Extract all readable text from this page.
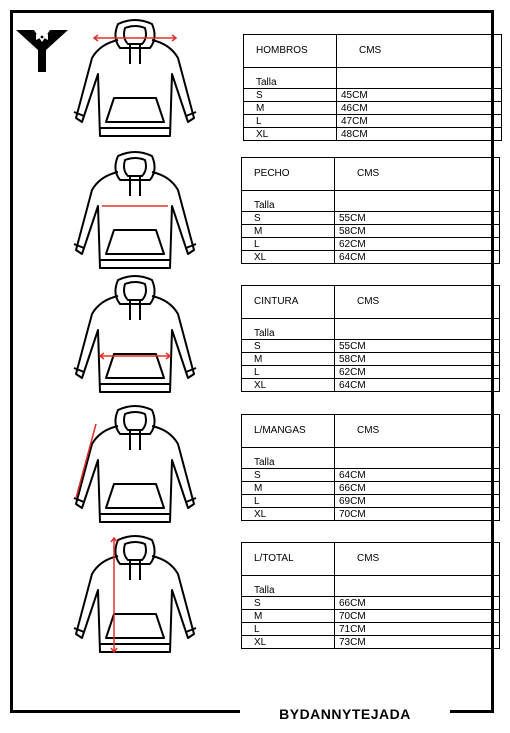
HOMBROS	CMS
Talla	
S	45CM
M	46CM
L	47CM
XL	48CM
PECHO	CMS
Talla	
S	55CM
M	58CM
L	62CM
XL	64CM
CINTURA	CMS
Talla	
S	55CM
M	58CM
L	62CM
XL	64CM
L/MANGAS	CMS
Talla	
S	64CM
M	66CM
L	69CM
XL	70CM
L/TOTAL	CMS
Talla	
S	66CM
M	70CM
L	71CM
XL	73CM
BYDANNYTEJADA
